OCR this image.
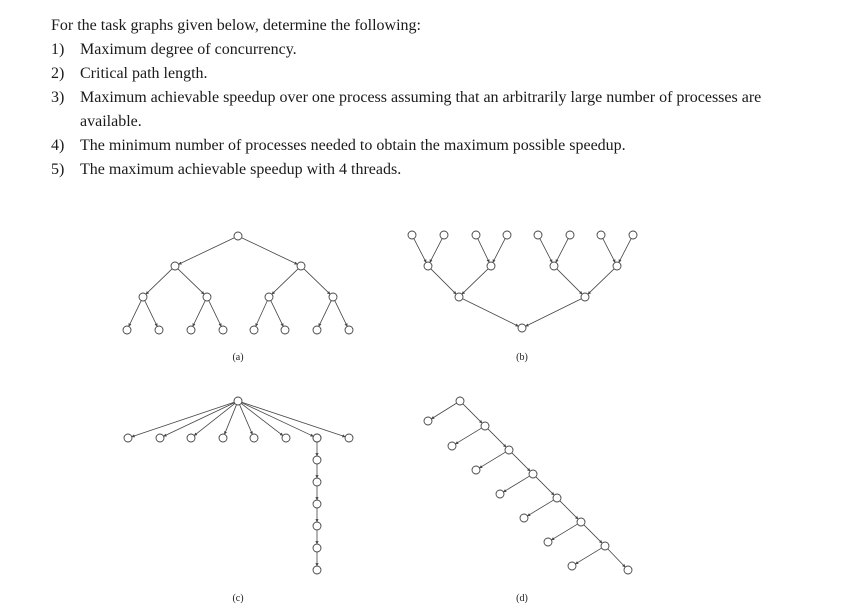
For the task graphs given below, determine the following:
1) Maximum degree of concurrency.
2) Critical path length.
3) Maximum achievable speedup over one process assuming that an arbitrarily large number of processes are available.
4) The minimum number of processes needed to obtain the maximum possible speedup.
5) The maximum achievable speedup with 4 threads.
(a)	(b)
(c)	(d)
